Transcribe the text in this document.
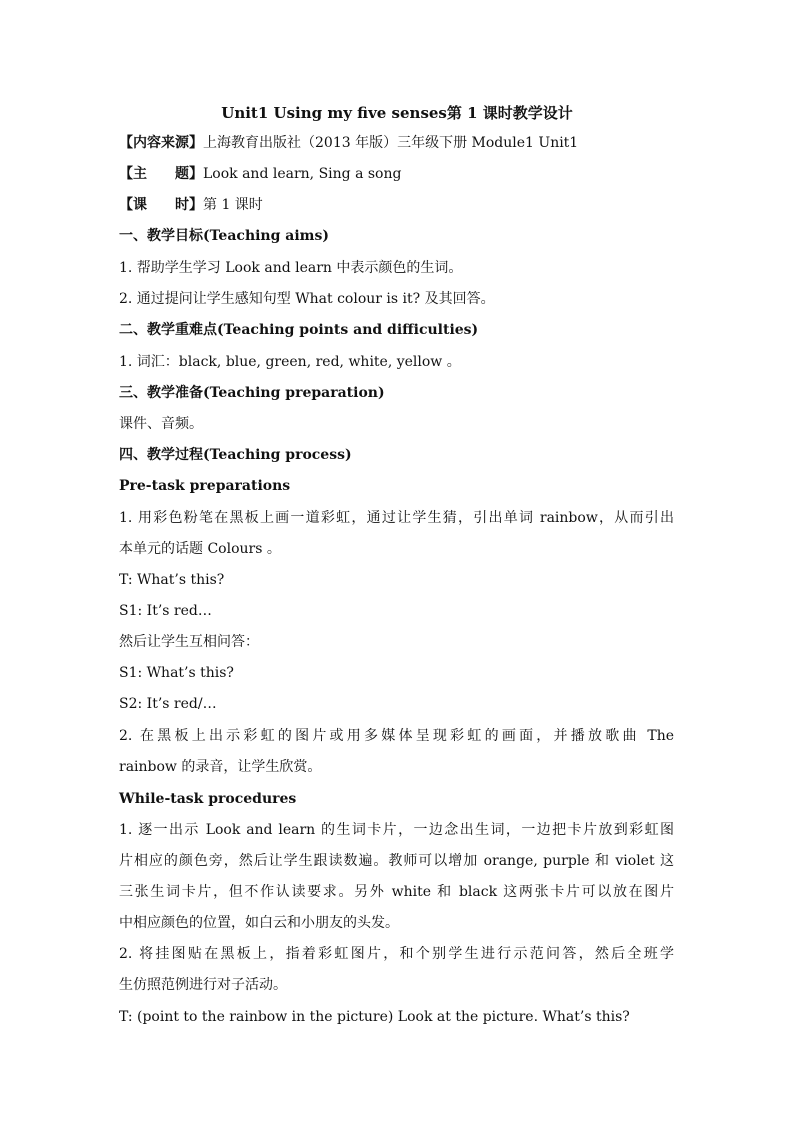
Unit1 Using my five senses第 1 课时教学设计
【内容来源】上海教育出版社（2013 年版）三年级下册 Module1 Unit1
【主　　题】Look and learn, Sing a song
【课　　时】第 1 课时
一、教学目标(Teaching aims)
1. 帮助学生学习 Look and learn 中表示颜色的生词。
2. 通过提问让学生感知句型 What colour is it? 及其回答。
二、教学重难点(Teaching points and difficulties)
1. 词汇：black, blue, green, red, white, yellow 。
三、教学准备(Teaching preparation)
课件、音频。
四、教学过程(Teaching process)
Pre-task preparations
1. 用彩色粉笔在黑板上画一道彩虹，通过让学生猜，引出单词 rainbow，从而引出
本单元的话题 Colours 。
T: What’s this?
S1: It’s red…
然后让学生互相问答：
S1: What’s this?
S2: It’s red/…
2. 在黑板上出示彩虹的图片或用多媒体呈现彩虹的画面，并播放歌曲 The
rainbow 的录音，让学生欣赏。
While-task procedures
1. 逐一出示 Look and learn 的生词卡片，一边念出生词，一边把卡片放到彩虹图
片相应的颜色旁，然后让学生跟读数遍。教师可以增加 orange, purple 和 violet 这
三张生词卡片，但不作认读要求。另外 white 和 black 这两张卡片可以放在图片
中相应颜色的位置，如白云和小朋友的头发。
2. 将挂图贴在黑板上，指着彩虹图片，和个别学生进行示范问答，然后全班学
生仿照范例进行对子活动。
T: (point to the rainbow in the picture) Look at the picture. What’s this?
